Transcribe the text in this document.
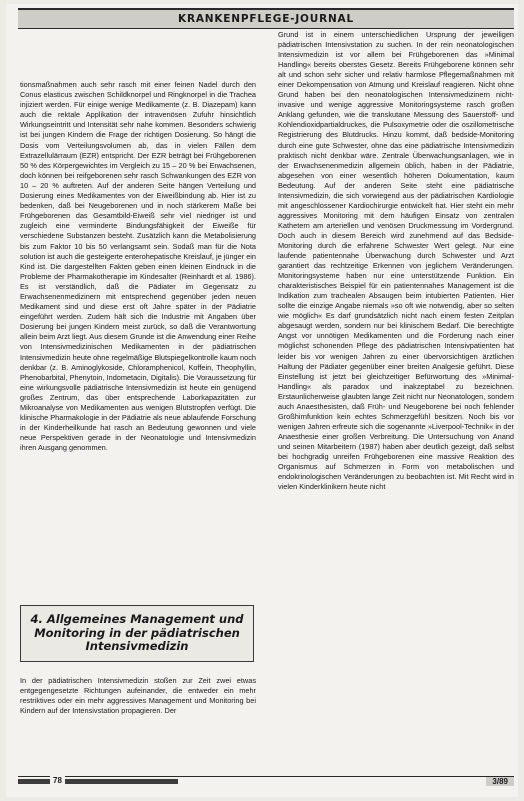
KRANKENPFLEGE-JOURNAL

tionsmaßnahmen auch sehr rasch mit einer feinen Nadel durch den Conus elasticus zwischen Schildknorpel und Ringknorpel in die Trachea injiziert werden. Für einige wenige Medikamente (z. B. Diazepam) kann auch die rektale Applikation der intravenösen Zufuhr hinsichtlich Wirkungseintritt und Intensität sehr nahe kommen. Besonders schwierig ist bei jungen Kindern die Frage der richtigen Dosierung. So hängt die Dosis vom Verteilungsvolumen ab, das in vielen Fällen dem Extrazellulärraum (EZR) entspricht. Der EZR beträgt bei Frühgeborenen 50 % des Körpergewichtes im Vergleich zu 15 – 20 % bei Erwachsenen, doch können bei reifgeborenen sehr rasch Schwankungen des EZR von 10 – 20 % auftreten. Auf der anderen Seite hängen Verteilung und Dosierung eines Medikamentes von der Eiweißbindung ab. Hier ist zu bedenken, daß bei Neugeborenen und in noch stärkerem Maße bei Frühgeborenen das Gesamtbild-Eiweiß sehr viel niedriger ist und zugleich eine verminderte Bindungsfähigkeit der Eiweiße für verschiedene Substanzen besteht. Zusätzlich kann die Metabolisierung bis zum Faktor 10 bis 50 verlangsamt sein. Sodaß man für die Nota solution ist auch die gesteigerte enterohepatische Kreislauf, je jünger ein Kind ist. Die dargestellten Fakten geben einen kleinen Eindruck in die Probleme der Pharmakotherapie im Kindesalter (Reinhardt et al. 1986). Es ist verständlich, daß die Pädiater im Gegensatz zu Erwachsenenmedizinern mit entsprechend gegenüber jeden neuen Medikament sind und diese erst oft Jahre später in der Pädiatrie eingeführt werden. Zudem hält sich die Industrie mit Angaben über Dosierung bei jungen Kindern meist zurück, so daß die Verantwortung allein beim Arzt liegt. Aus diesem Grunde ist die Anwendung einer Reihe von Intensivmedizinischen Medikamenten in der pädiatrischen Intensivmedizin heute ohne regelmäßige Blutspiegelkontrolle kaum noch denkbar (z. B. Aminoglykoside, Chloramphenicol, Koffein, Theophyllin, Phenobarbital, Phenytoin, Indometacin, Digitalis). Die Voraussetzung für eine wirkungsvolle pädiatrische Intensivmedizin ist heute ein genügend großes Zentrum, das über entsprechende Laborkapazitäten zur Mikroanalyse von Medikamenten aus wenigen Blutstropfen verfügt. Die klinische Pharmakologie in der Pädiatrie als neue ablaufende Forschung in der Kinderheilkunde hat rasch an Bedeutung gewonnen und viele neue Perspektiven gerade in der Neonatologie und Intensivmedizin ihren Ausgang genommen.

4. Allgemeines Management und
Monitoring in der pädiatrischen
Intensivmedizin

In der pädiatrischen Intensivmedizin stoßen zur Zeit zwei etwas entgegengesetzte Richtungen aufeinander, die entweder ein mehr restriktives oder ein mehr aggressives Management und Monitoring bei Kindern auf der Intensivstation propagieren. Der

Grund ist in einem unterschiedlichen Ursprung der jeweiligen pädiatrischen Intensivstation zu suchen. In der rein neonatologischen Intensivmedizin ist vor allem bei Frühgeborenen das »Minimal Handling« bereits oberstes Gesetz. Bereits Frühgeborene können sehr alt und schon sehr sicher und relativ harmlose Pflegemaßnahmen mit einer Dekompensation von Atmung und Kreislauf reagieren. Nicht ohne Grund haben bei den neonatologischen Intensivmedizinern nicht-invasive und wenige aggressive Monitoringsysteme rasch großen Anklang gefunden, wie die transkutane Messung des Sauerstoff- und Kohlendioxidpartialdruckes, die Pulsoxymetrie oder die oszillometrische Registrierung des Blutdrucks. Hinzu kommt, daß bedside-Monitoring durch eine gute Schwester, ohne das eine pädiatrische Intensivmedizin praktisch nicht denkbar wäre. Zentrale Überwachungsanlagen, wie in der Erwachsenenmedizin allgemein üblich, haben in der Pädiatrie, abgesehen von einer wesentlich höheren Dokumentation, kaum Bedeutung. Auf der anderen Seite steht eine pädiatrische Intensivmedizin, die sich vorwiegend aus der pädiatrischen Kardiologie mit angeschlossener Kardiochirurgie entwickelt hat. Hier steht ein mehr aggressives Monitoring mit dem häufigen Einsatz von zentralen Kathetern am arteriellen und venösen Druckmessung im Vordergrund. Doch auch in diesem Bereich wird zunehmend auf das Bedside-Monitoring durch die erfahrene Schwester Wert gelegt. Nur eine laufende patientennahe Überwachung durch Schwester und Arzt garantiert das rechtzeitige Erkennen von jeglichem Veränderungen. Monitoringsysteme haben nur eine unterstützende Funktion. Ein charakteristisches Beispiel für ein patientennahes Management ist die Indikation zum trachealen Absaugen beim intubierten Patienten. Hier sollte die einzige Angabe niemals »so oft wie notwendig, aber so selten wie möglich« Es darf grundsätzlich nicht nach einem festen Zeitplan abgesaugt werden, sondern nur bei klinischem Bedarf. Die berechtigte Angst vor unnötigen Medikamenten und die Forderung nach einer möglichst schonenden Pflege des pädiatrischen Intensivpatienten hat leider bis vor wenigen Jahren zu einer übervorsichtigen ärztlichen Haltung der Pädiater gegenüber einer breiten Analgesie geführt. Diese Einstellung ist jetzt bei gleichzeitiger Befürwortung des »Minimal-Handling« als paradox und inakzeptabel zu bezeichnen. Erstaunlicherweise glaubten lange Zeit nicht nur Neonatologen, sondern auch Anaesthesisten, daß Früh- und Neugeborene bei noch fehlender Großhirnfunktion kein echtes Schmerzgefühl besitzen. Noch bis vor wenigen Jahren erfreute sich die sogenannte »Liverpool-Technik« in der Anaesthesie einer großen Verbreitung. Die Untersuchung von Anand und seinen Mitarbeitern (1987) haben aber deutlich gezeigt, daß selbst bei hochgradig unreifen Frühgeborenen eine massive Reaktion des Organismus auf Schmerzen in Form von metabolischen und endokrinologischen Veränderungen zu beobachten ist. Mit Recht wird in vielen Kinderklinikern heute nicht

78	3/89
